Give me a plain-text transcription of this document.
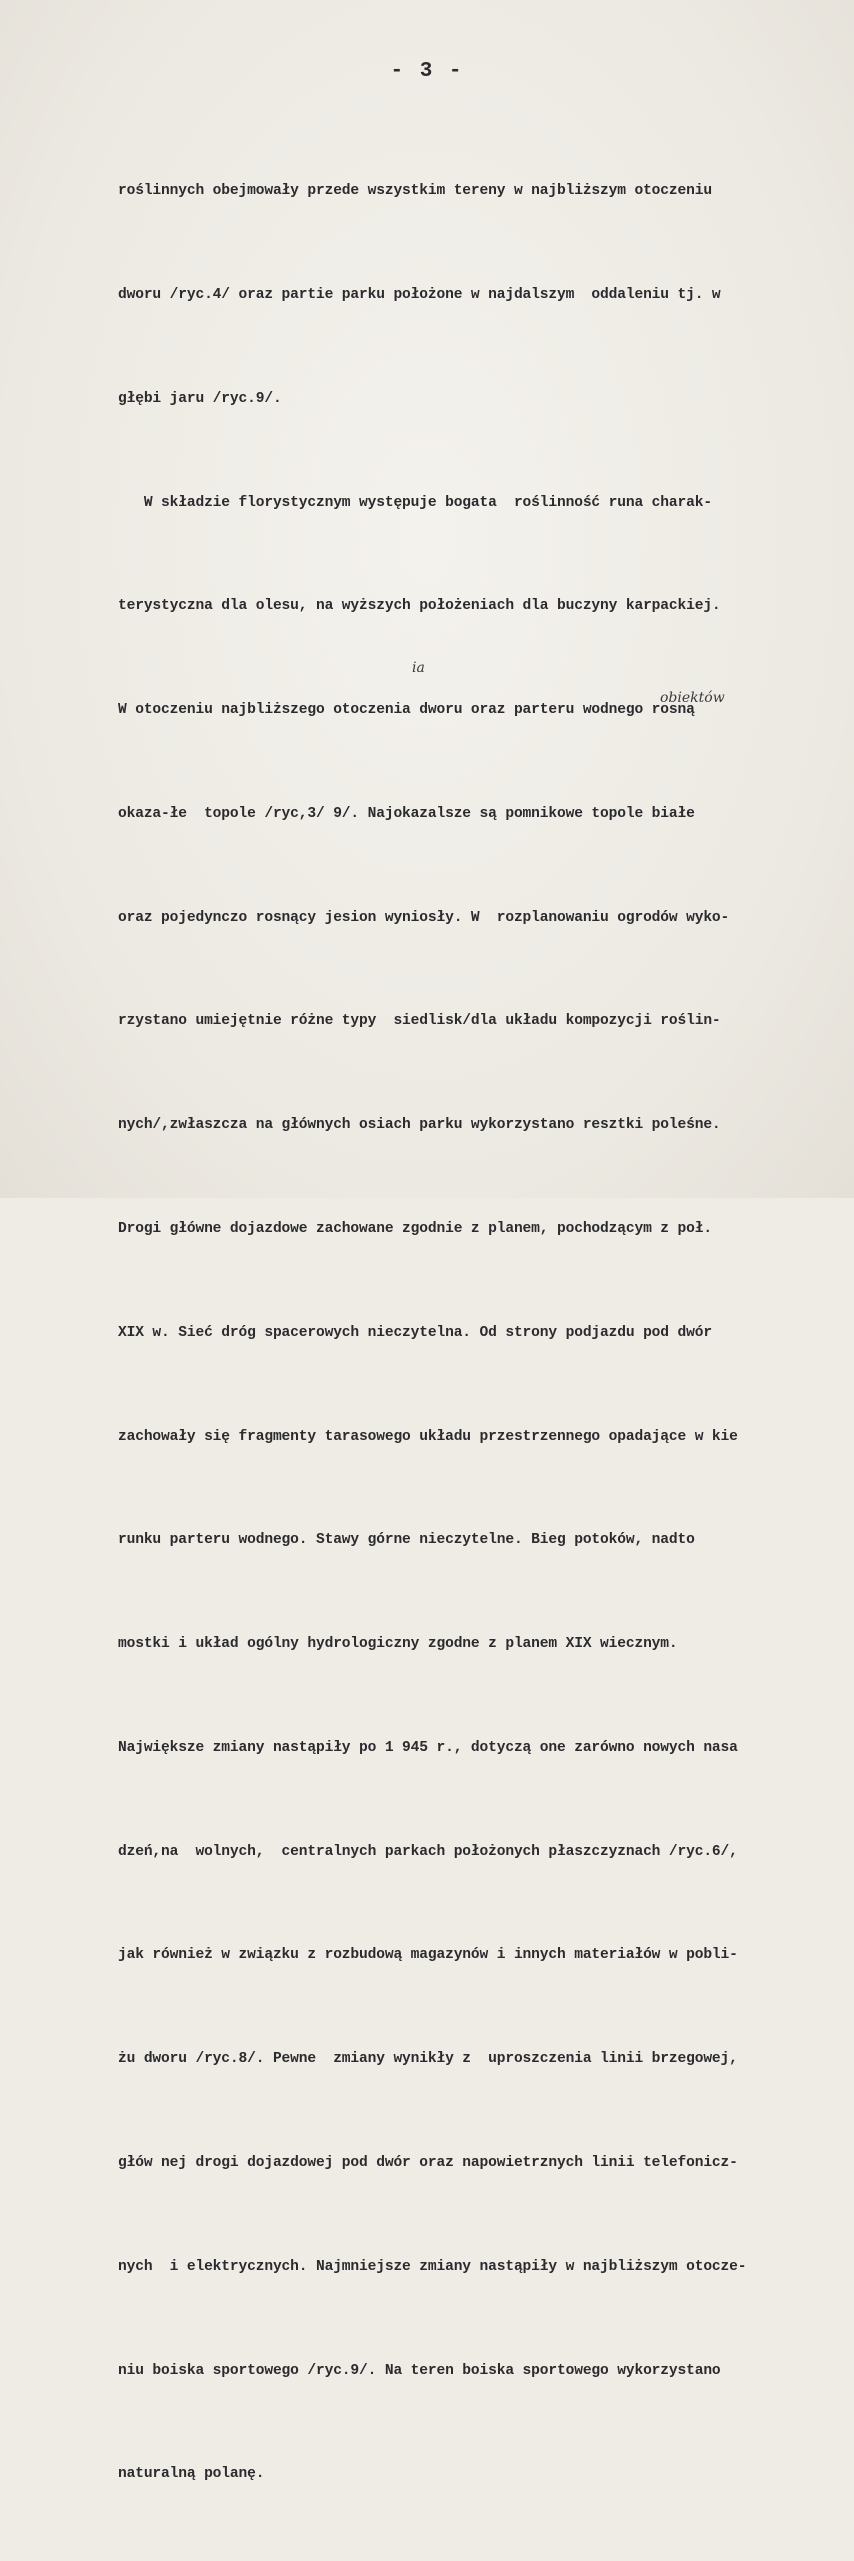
- 3 -

roślinnych obejmowały przede wszystkim tereny w najbliższym otoczeniu

dworu /ryc.4/ oraz partie parku położone w najdalszym  oddaleniu tj. w

głębi jaru /ryc.9/.

W składzie florystycznym występuje bogata  roślinność runa charak-

terystyczna dla olesu, na wyższych położeniach dla buczyny karpackiej.

W otoczeniu najbliższego otoczenia dworu oraz parteru wodnego rosną

okaza-łe  topole /ryc,3/ 9/. Najokazalsze są pomnikowe topole białe

oraz pojedynczo rosnący jesion wyniosły. W  rozplanowaniu ogrodów wyko-

rzystano umiejętnie różne typy  siedlisk/dla układu kompozycji roślin-

nych/,zwłaszcza na głównych osiach parku wykorzystano resztki poleśne.

Drogi główne dojazdowe zachowane zgodnie z planem, pochodzącym z poł.

XIX w. Sieć dróg spacerowych nieczytelna. Od strony podjazdu pod dwór

zachowały się fragmenty tarasowego układu przestrzennego opadające w kie

runku parteru wodnego. Stawy górne nieczytelne. Bieg potoków, nadto

mostki i układ ogólny hydrologiczny zgodne z planem XIX wiecznym.

Największe zmiany nastąpiły po 1 945 r., dotyczą one zarówno nowych nasa

dzeń,na  wolnych,  centralnych parkach położonych płaszczyznach /ryc.6/,

jak również w związku z rozbudową magazynów i innych materiałów w pobli-

żu dworu /ryc.8/. Pewne  zmiany wynikły z  uproszczenia linii brzegowej,

głów nej drogi dojazdowej pod dwór oraz napowietrznych linii telefonicz-

nych  i elektrycznych. Najmniejsze zmiany nastąpiły w najbliższym otocze-

niu boiska sportowego /ryc.9/. Na teren boiska sportowego wykorzystano

naturalną polanę.

ia
obiektów
